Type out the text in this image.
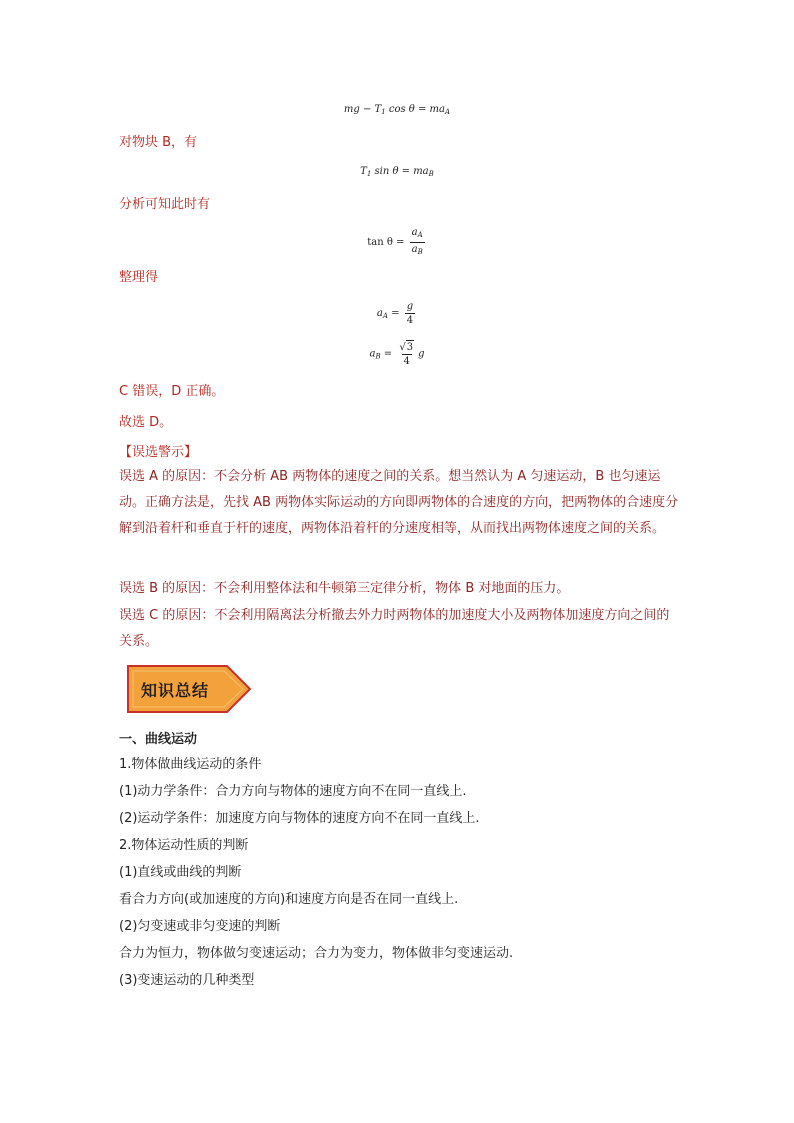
mg − $T_1$ $\cos \theta = ma_A$
对物块 B，有
$T_1$ $\sin \theta = ma_B$
分析可知此时有
$\tan \theta = \frac{a_A}{a_B}$
整理得
$a_A = \frac{g}{4}$
$a_B = \frac{√ 3}{4}$ g
C 错误，D 正确。
故选 D。
【误选警示】
误选 A 的原因：不会分析 AB 两物体的速度之间的关系。想当然认为 A 匀速运动，B 也匀速运动。正确方法是，先找 AB 两物体实际运动的方向即两物体的合速度的方向，把两物体的合速度分解到沿着杆和垂直于杆的速度，两物体沿着杆的分速度相等，从而找出两物体速度之间的关系。
误选 B 的原因：不会利用整体法和牛顿第三定律分析，物体 B 对地面的压力。
误选 C 的原因：不会利用隔离法分析撤去外力时两物体的加速度大小及两物体加速度方向之间的关系。
知识总结
一、曲线运动
1.物体做曲线运动的条件
(1)动力学条件：合力方向与物体的速度方向不在同一直线上.
(2)运动学条件：加速度方向与物体的速度方向不在同一直线上.
2.物体运动性质的判断
(1)直线或曲线的判断
看合力方向(或加速度的方向)和速度方向是否在同一直线上.
(2)匀变速或非匀变速的判断
合力为恒力，物体做匀变速运动；合力为变力，物体做非匀变速运动.
(3)变速运动的几种类型
